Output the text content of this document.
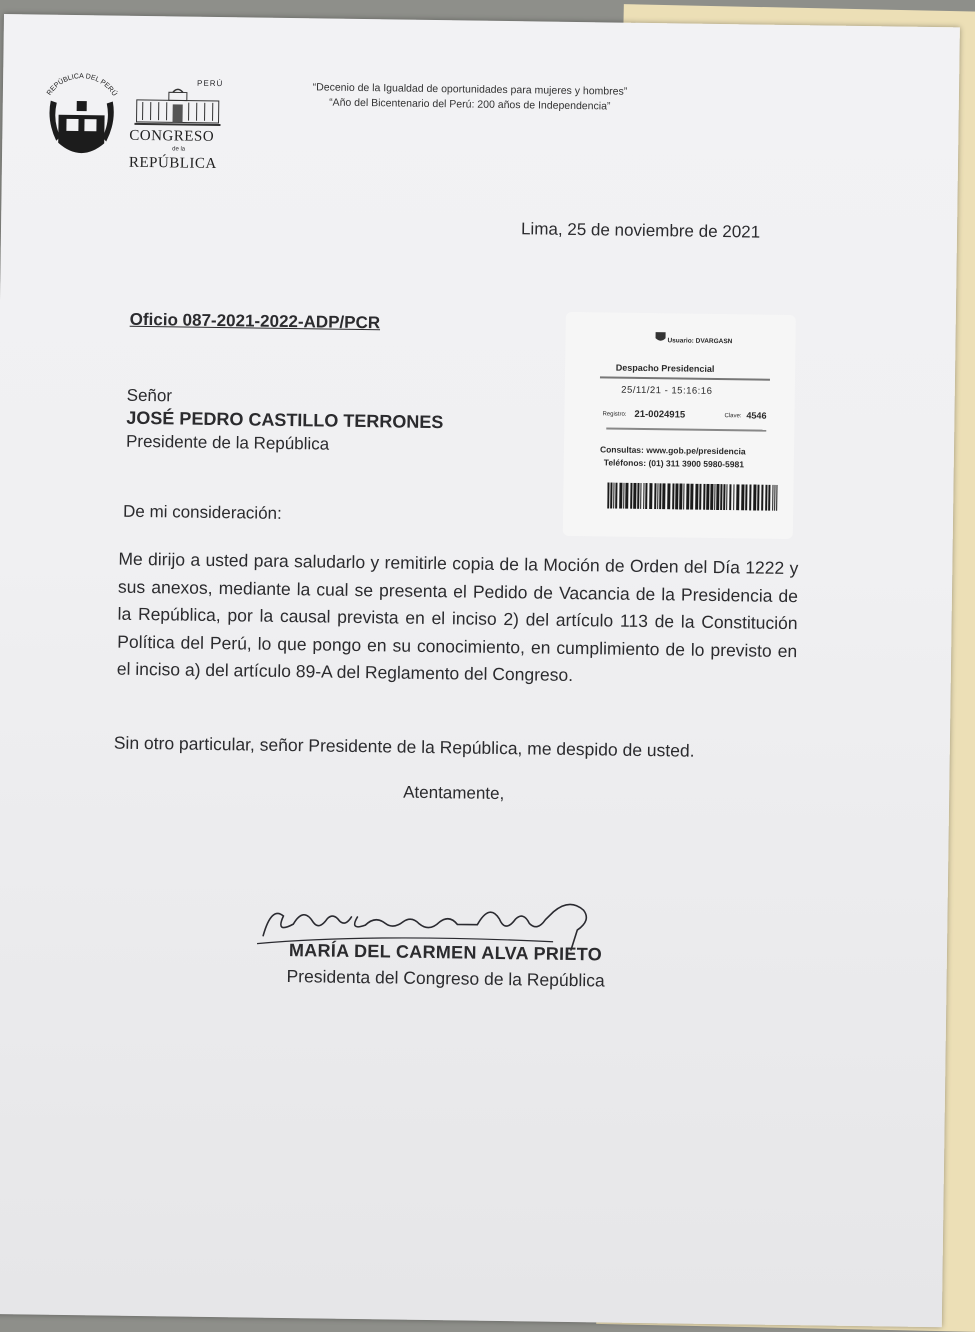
REPÚBLICA DEL PERÚ
PERÚ
CONGRESO
de la
REPÚBLICA
“Decenio de la Igualdad de oportunidades para mujeres y hombres”
“Año del Bicentenario del Perú: 200 años de Independencia”
Lima, 25 de noviembre de 2021
Oficio 087-2021-2022-ADP/PCR
Usuario: DVARGASN
Despacho Presidencial
25/11/21 - 15:16:16
Registro: 21-0024915	Clave: 4546
Consultas: www.gob.pe/presidencia
Teléfonos: (01) 311 3900 5980-5981
Señor
JOSÉ PEDRO CASTILLO TERRONES
Presidente de la República
De mi consideración:
Me dirijo a usted para saludarlo y remitirle copia de la Moción de Orden del Día 1222 y sus anexos, mediante la cual se presenta el Pedido de Vacancia de la Presidencia de la República, por la causal prevista en el inciso 2) del artículo 113 de la Constitución Política del Perú, lo que pongo en su conocimiento, en cumplimiento de lo previsto en el inciso a) del artículo 89-A del Reglamento del Congreso.
Sin otro particular, señor Presidente de la República, me despido de usted.
Atentamente,
MARÍA DEL CARMEN ALVA PRIETO
Presidenta del Congreso de la República
